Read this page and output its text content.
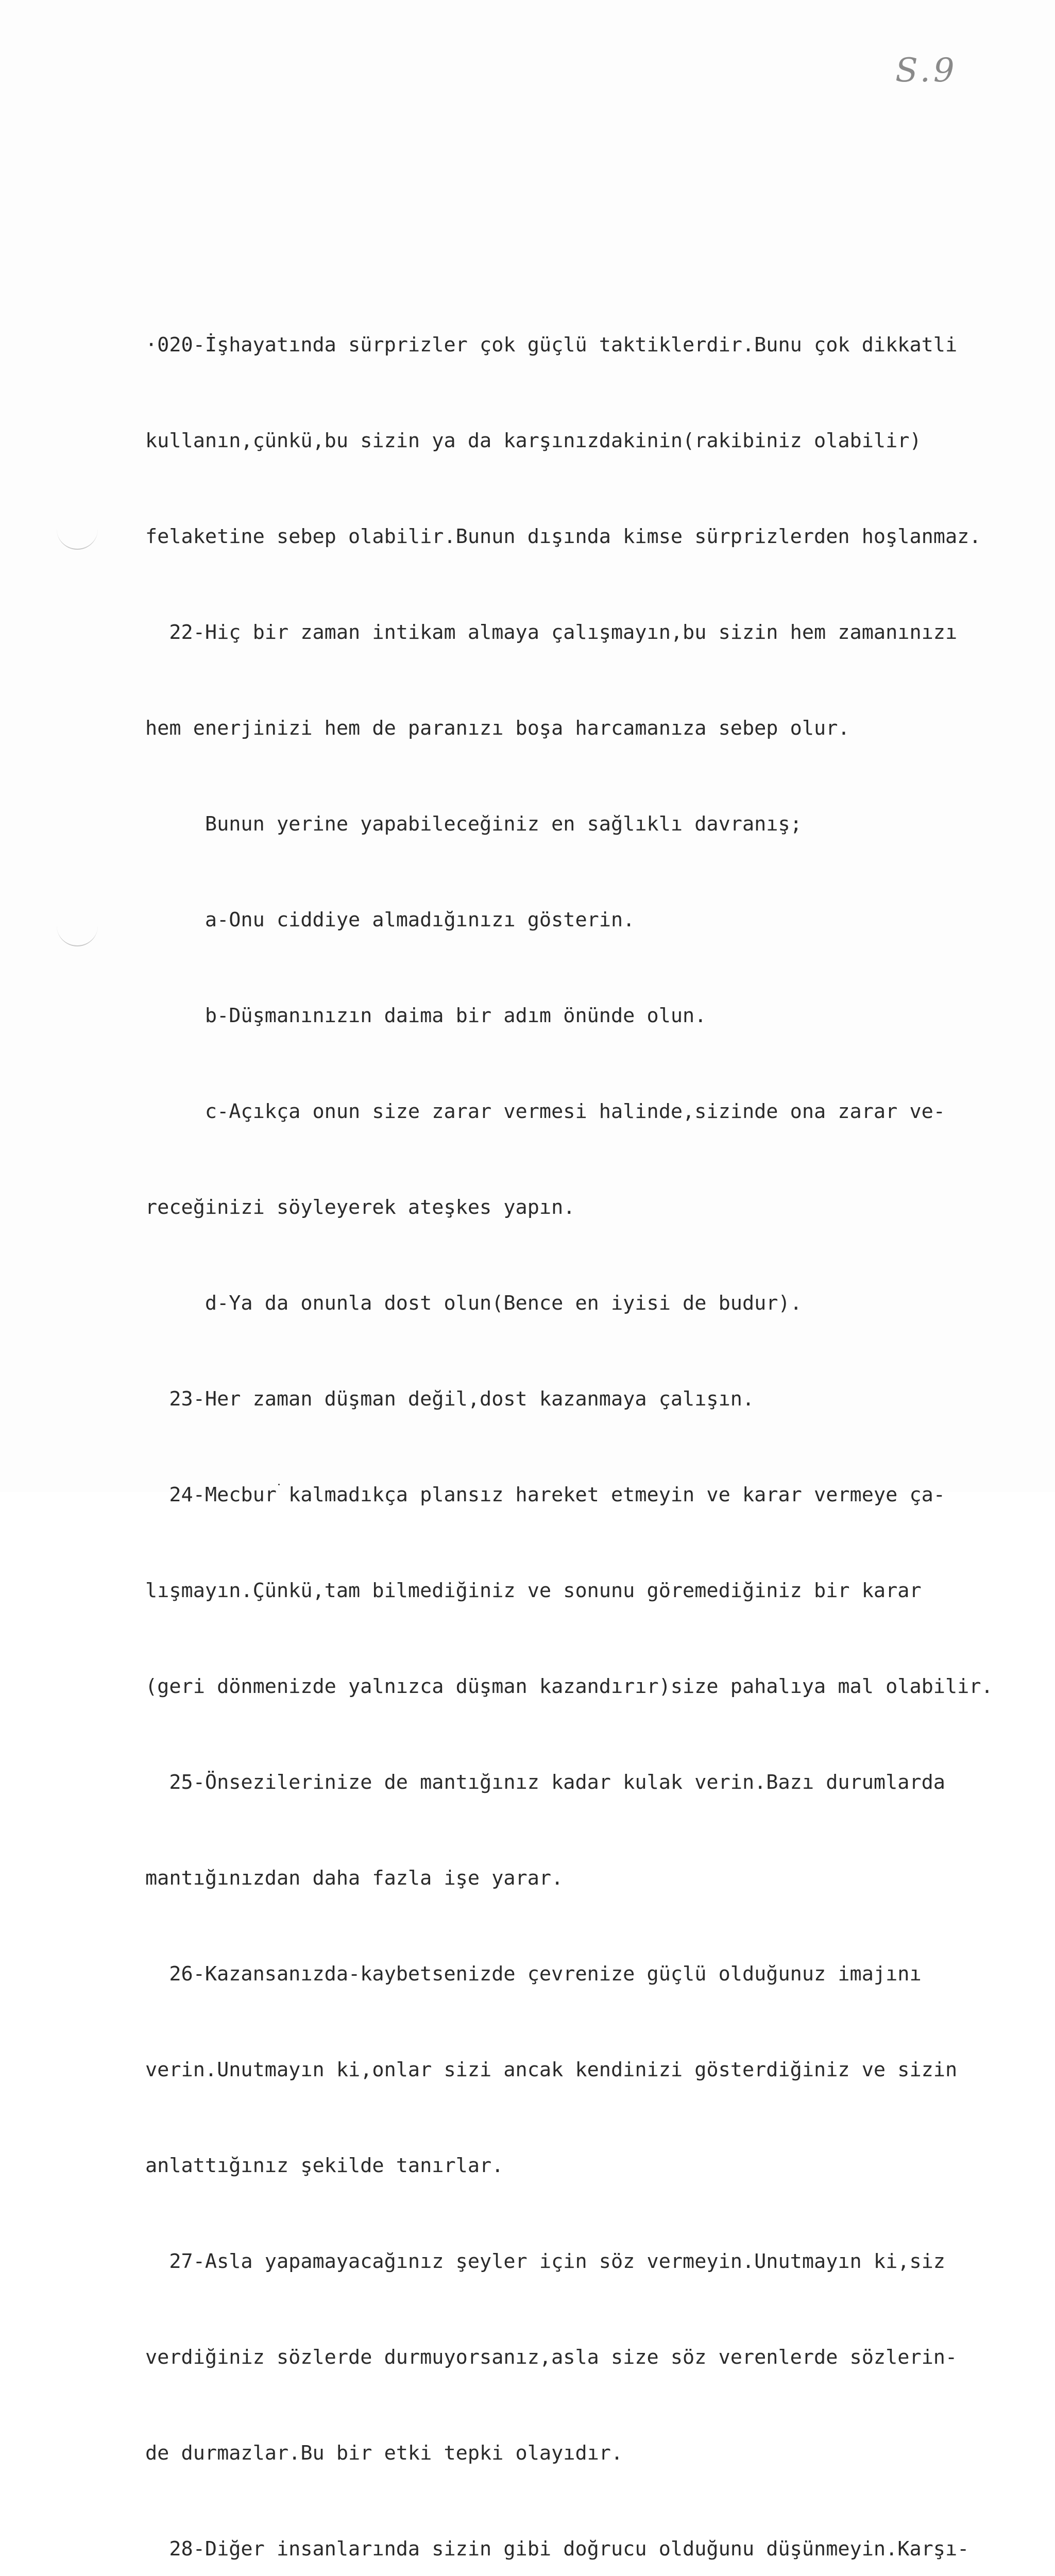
S.9

·020-İşhayatında sürprizler çok güçlü taktiklerdir.Bunu çok dikkatli

kullanın,çünkü,bu sizin ya da karşınızdakinin(rakibiniz olabilir)

felaketine sebep olabilir.Bunun dışında kimse sürprizlerden hoşlanmaz.

22-Hiç bir zaman intikam almaya çalışmayın,bu sizin hem zamanınızı

hem enerjinizi hem de paranızı boşa harcamanıza sebep olur.

Bunun yerine yapabileceğiniz en sağlıklı davranış;

a-Onu ciddiye almadığınızı gösterin.

b-Düşmanınızın daima bir adım önünde olun.

c-Açıkça onun size zarar vermesi halinde,sizinde ona zarar ve-

receğinizi söyleyerek ateşkes yapın.

d-Ya da onunla dost olun(Bence en iyisi de budur).

23-Her zaman düşman değil,dost kazanmaya çalışın.

24-Mecbur kalmadıkça plansız hareket etmeyin ve karar vermeye ça-

lışmayın.Çünkü,tam bilmediğiniz ve sonunu göremediğiniz bir karar

(geri dönmenizde yalnızca düşman kazandırır)size pahalıya mal olabilir.

25-Önsezilerinize de mantığınız kadar kulak verin.Bazı durumlarda

mantığınızdan daha fazla işe yarar.

26-Kazansanızda-kaybetsenizde çevrenize güçlü olduğunuz imajını

verin.Unutmayın ki,onlar sizi ancak kendinizi gösterdiğiniz ve sizin

anlattığınız şekilde tanırlar.

27-Asla yapamayacağınız şeyler için söz vermeyin.Unutmayın ki,siz

verdiğiniz sözlerde durmuyorsanız,asla size söz verenlerde sözlerin-

de durmazlar.Bu bir etki tepki olayıdır.

28-Diğer insanlarında sizin gibi doğrucu olduğunu düşünmeyin.Karşı-
